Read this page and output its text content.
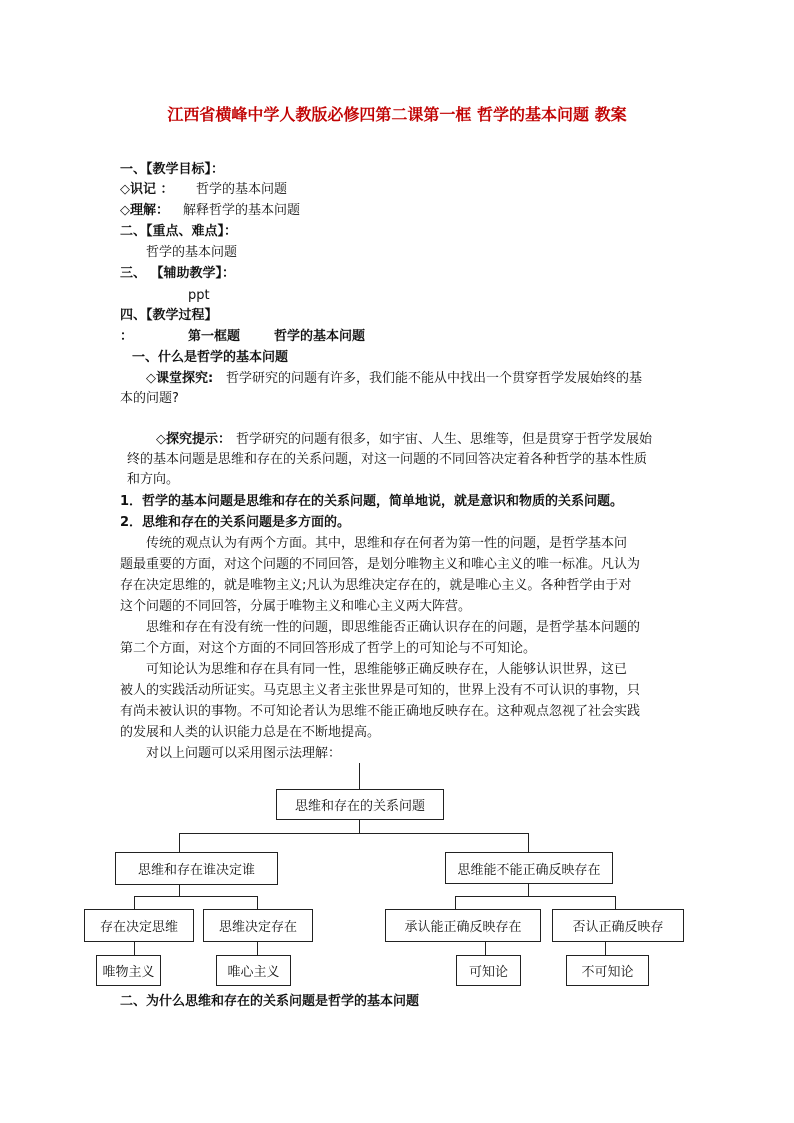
江西省横峰中学人教版必修四第二课第一框 哲学的基本问题 教案
一、【教学目标】：
◇识记 ： 哲学的基本问题
◇理解： 解释哲学的基本问题
二、【重点、难点】：
哲学的基本问题
三、 【辅助教学】：
ppt
四、【教学过程】
：	第一框题	哲学的基本问题
一、什么是哲学的基本问题
◇课堂探究: 哲学研究的问题有许多，我们能不能从中找出一个贯穿哲学发展始终的基
本的问题?
◇探究提示： 哲学研究的问题有很多，如宇宙、人生、思维等，但是贯穿于哲学发展始
终的基本问题是思维和存在的关系问题，对这一问题的不同回答决定着各种哲学的基本性质
和方向。
1．哲学的基本问题是思维和存在的关系问题，简单地说，就是意识和物质的关系问题。
2．思维和存在的关系问题是多方面的。
传统的观点认为有两个方面。其中，思维和存在何者为第一性的问题，是哲学基本问
题最重要的方面，对这个问题的不同回答，是划分唯物主义和唯心主义的唯一标准。凡认为
存在决定思维的，就是唯物主义;凡认为思维决定存在的，就是唯心主义。各种哲学由于对
这个问题的不同回答，分属于唯物主义和唯心主义两大阵营。
思维和存在有没有统一性的问题，即思维能否正确认识存在的问题，是哲学基本问题的
第二个方面，对这个方面的不同回答形成了哲学上的可知论与不可知论。
可知论认为思维和存在具有同一性，思维能够正确反映存在，人能够认识世界，这已
被人的实践活动所证实。马克思主义者主张世界是可知的，世界上没有不可认识的事物，只
有尚未被认识的事物。不可知论者认为思维不能正确地反映存在。这种观点忽视了社会实践
的发展和人类的认识能力总是在不断地提高。
对以上问题可以采用图示法理解：
思维和存在的关系问题
思维和存在谁决定谁	思维能不能正确反映存在
存在决定思维	思维决定存在	承认能正确反映存在	否认正确反映存
唯物主义	唯心主义	可知论	不可知论
二、为什么思维和存在的关系问题是哲学的基本问题
